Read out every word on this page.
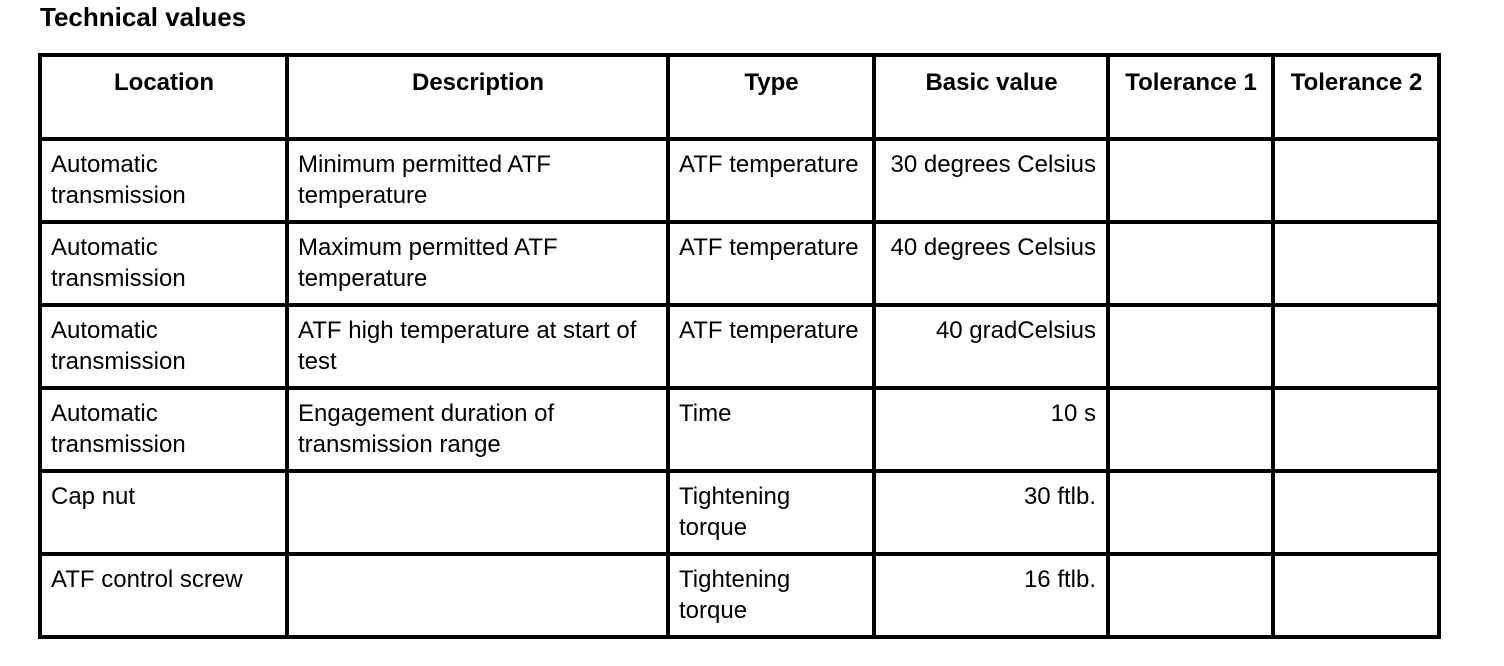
Technical values
Location	Description	Type	Basic value	Tolerance 1	Tolerance 2
Automatic transmission	Minimum permitted ATF temperature	ATF temperature	30 degrees Celsius		
Automatic transmission	Maximum permitted ATF temperature	ATF temperature	40 degrees Celsius		
Automatic transmission	ATF high temperature at start of test	ATF temperature	40 gradCelsius		
Automatic transmission	Engagement duration of transmission range	Time	10 s		
Cap nut		Tightening torque	30 ftlb.		
ATF control screw		Tightening torque	16 ftlb.		
